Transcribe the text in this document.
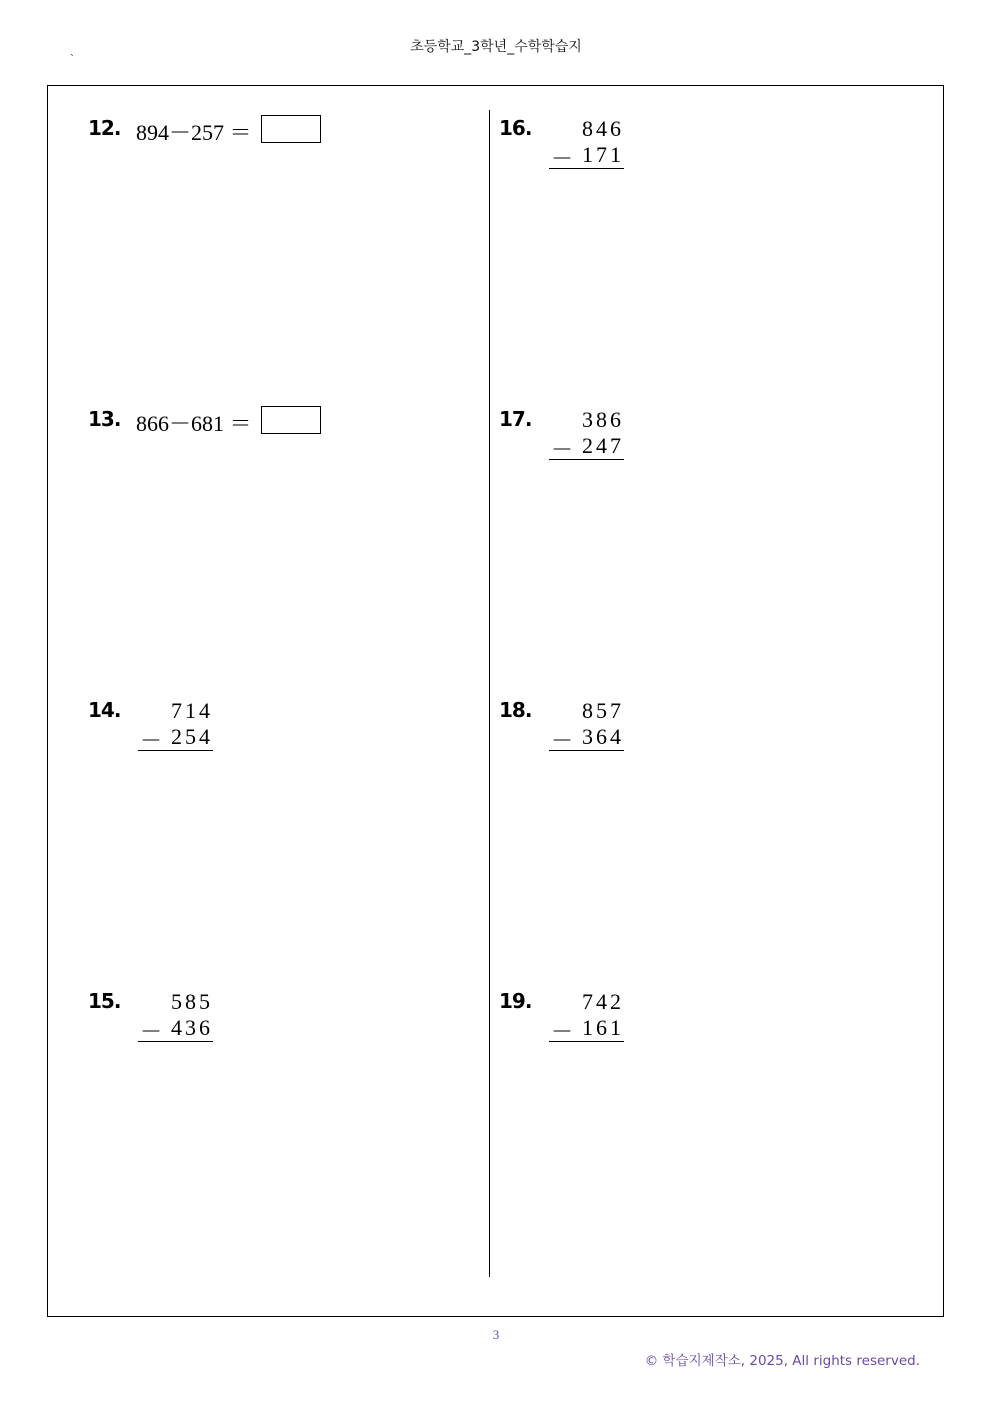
초등학교_3학년_수학학습지
`
12. 894－257 ＝
13. 866－681 ＝
14.	714
－ 254
15.	585
－ 436
16.	846
－ 171
17.	386
－ 247
18.	857
－ 364
19.	742
－ 161
3
© 학습지제작소, 2025, All rights reserved.
